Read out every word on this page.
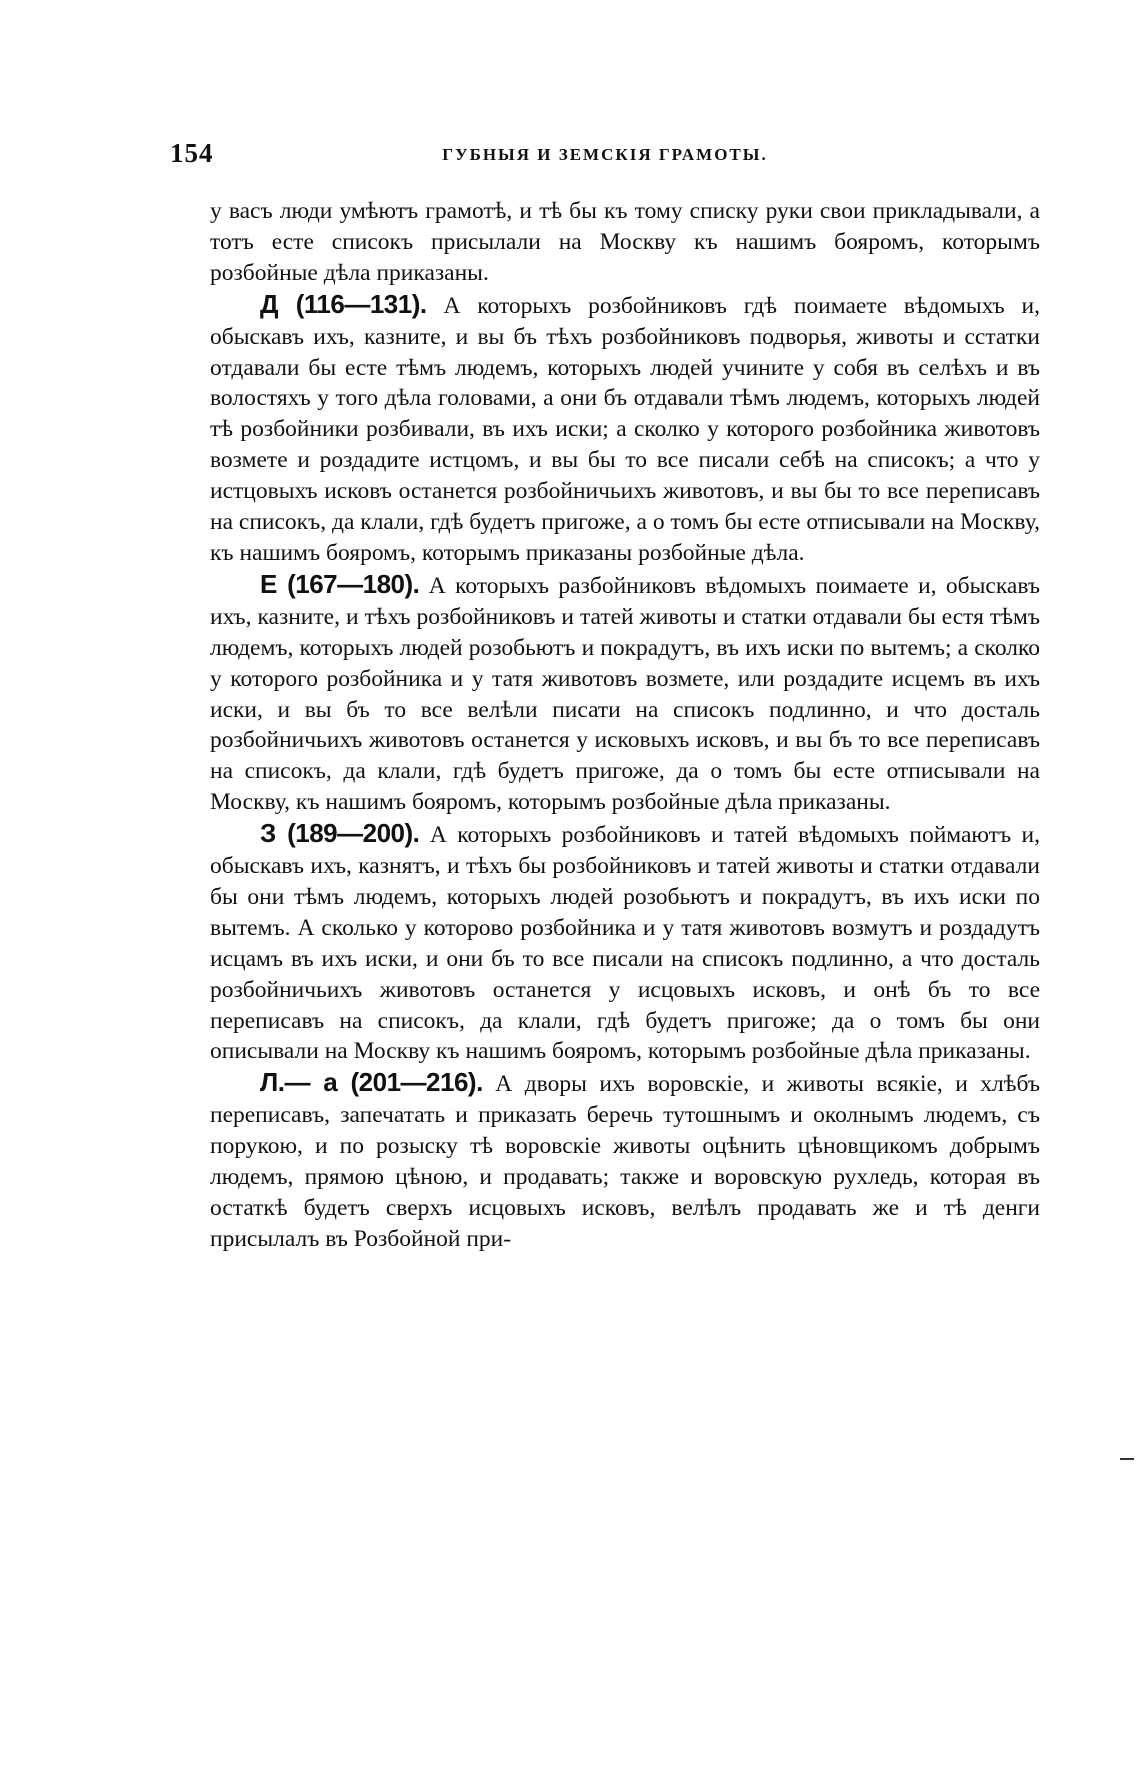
154	ГУБНЫЯ И ЗЕМСКІЯ ГРАМОТЫ.

у васъ люди умѣютъ грамотѣ, и тѣ бы къ тому списку руки свои прикладывали, а тотъ есте списокъ присылали на Москву къ нашимъ бояромъ, которымъ розбойные дѣла приказаны.

Д (116—131). А которыхъ розбойниковъ гдѣ поимаете вѣдомыхъ и, обыскавъ ихъ, казните, и вы бъ тѣхъ розбойниковъ подворья, животы и сстатки отдавали бы есте тѣмъ людемъ, которыхъ людей учините у собя въ селѣхъ и въ волостяхъ у того дѣла головами, а они бъ отдавали тѣмъ людемъ, которыхъ людей тѣ розбойники розбивали, въ ихъ иски; а сколко у которого розбойника животовъ возмете и роздадите истцомъ, и вы бы то все писали себѣ на списокъ; а что у истцовыхъ исковъ останется розбойничьихъ животовъ, и вы бы то все переписавъ на списокъ, да клали, гдѣ будетъ пригоже, а о томъ бы есте отписывали на Москву, къ нашимъ бояромъ, которымъ приказаны розбойные дѣла.

Е (167—180). А которыхъ разбойниковъ вѣдомыхъ поимаете и, обыскавъ ихъ, казните, и тѣхъ розбойниковъ и татей животы и статки отдавали бы естя тѣмъ людемъ, которыхъ людей розобьютъ и покрадутъ, въ ихъ иски по вытемъ; а сколко у которого розбойника и у татя животовъ возмете, или роздадите исцемъ въ ихъ иски, и вы бъ то все велѣли писати на списокъ подлинно, и что досталь розбойничьихъ животовъ останется у исковыхъ исковъ, и вы бъ то все переписавъ на списокъ, да клали, гдѣ будетъ пригоже, да о томъ бы есте отписывали на Москву, къ нашимъ бояромъ, которымъ розбойные дѣла приказаны.

З (189—200). А которыхъ розбойниковъ и татей вѣдомыхъ поймаютъ и, обыскавъ ихъ, казнятъ, и тѣхъ бы розбойниковъ и татей животы и статки отдавали бы они тѣмъ людемъ, которыхъ людей розобьютъ и покрадутъ, въ ихъ иски по вытемъ. А сколько у которово розбойника и у татя животовъ возмутъ и роздадутъ исцамъ въ ихъ иски, и они бъ то все писали на списокъ подлинно, а что досталь розбойничьихъ животовъ останется у исцовыхъ исковъ, и онѣ бъ то все переписавъ на списокъ, да клали, гдѣ будетъ пригоже; да о томъ бы они описывали на Москву къ нашимъ бояромъ, которымъ розбойные дѣла приказаны.

Л.— а (201—216). А дворы ихъ воровскіе, и животы всякіе, и хлѣбъ переписавъ, запечатать и приказать беречь тутошнымъ и околнымъ людемъ, съ порукою, и по розыску тѣ воровскіе животы оцѣнить цѣновщикомъ добрымъ людемъ, прямою цѣною, и продавать; также и воровскую рухледь, которая въ остаткѣ будетъ сверхъ исцовыхъ исковъ, велѣлъ продавать же и тѣ денги присылалъ въ Розбойной при-
